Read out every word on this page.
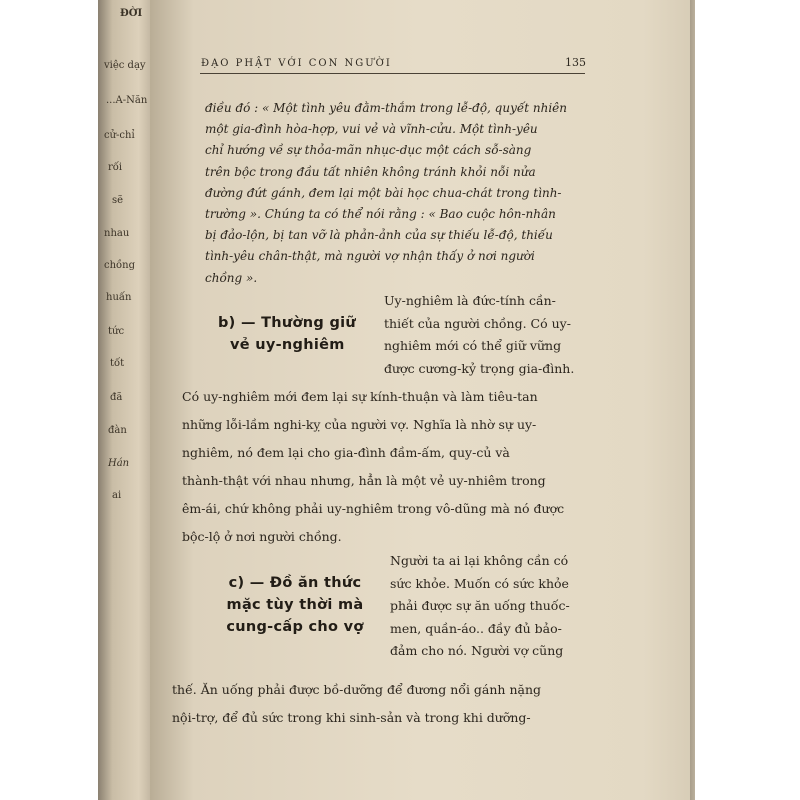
ĐỜI
việc dạy
...A-Năn
cử-chỉ
rối
sẽ
nhau
chồng
huấn
tức
tốt
đã
đàn
Hán
ai
ĐẠO PHẬT VỚI CON NGƯỜI	135
điều đó : « Một tình yêu đằm-thắm trong lễ-độ, quyết nhiên
một gia-đình hòa-hợp, vui vẻ và vĩnh-cửu. Một tình-yêu
chỉ hướng về sự thỏa-mãn nhục-dục một cách sỗ-sàng
trên bộc trong đầu tất nhiên không tránh khỏi nỗi nửa
đường đứt gánh, đem lại một bài học chua-chát trong tình-
trường ». Chúng ta có thể nói rằng : « Bao cuộc hôn-nhân
bị đảo-lộn, bị tan vỡ là phản-ảnh của sự thiếu lễ-độ, thiếu
tình-yêu chân-thật, mà người vợ nhận thấy ở nơi người
chồng ».
b) — Thường giữ
vẻ uy-nghiêm
Uy-nghiêm là đức-tính cần-
thiết của người chồng. Có uy-
nghiêm mới có thể giữ vững
được cương-kỷ trọng gia-đình.
Có uy-nghiêm mới đem lại sự kính-thuận và làm tiêu-tan
những lỗi-lầm nghi-kỵ của người vợ. Nghĩa là nhờ sự uy-
nghiêm, nó đem lại cho gia-đình đầm-ấm, quy-củ và
thành-thật với nhau nhưng, hẳn là một vẻ uy-nhiêm trong
êm-ái, chứ không phải uy-nghiêm trong vô-dũng mà nó được
bộc-lộ ở nơi người chồng.
c) — Đồ ăn thức
mặc tùy thời mà
cung-cấp cho vợ
Người ta ai lại không cần có
sức khỏe. Muốn có sức khỏe
phải được sự ăn uống thuốc-
men, quần-áo.. đầy đủ bảo-
đảm cho nó. Người vợ cũng
thế. Ăn uống phải được bồ-dưỡng để đương nổi gánh nặng
nội-trợ, để đủ sức trong khi sinh-sản và trong khi dưỡng-
